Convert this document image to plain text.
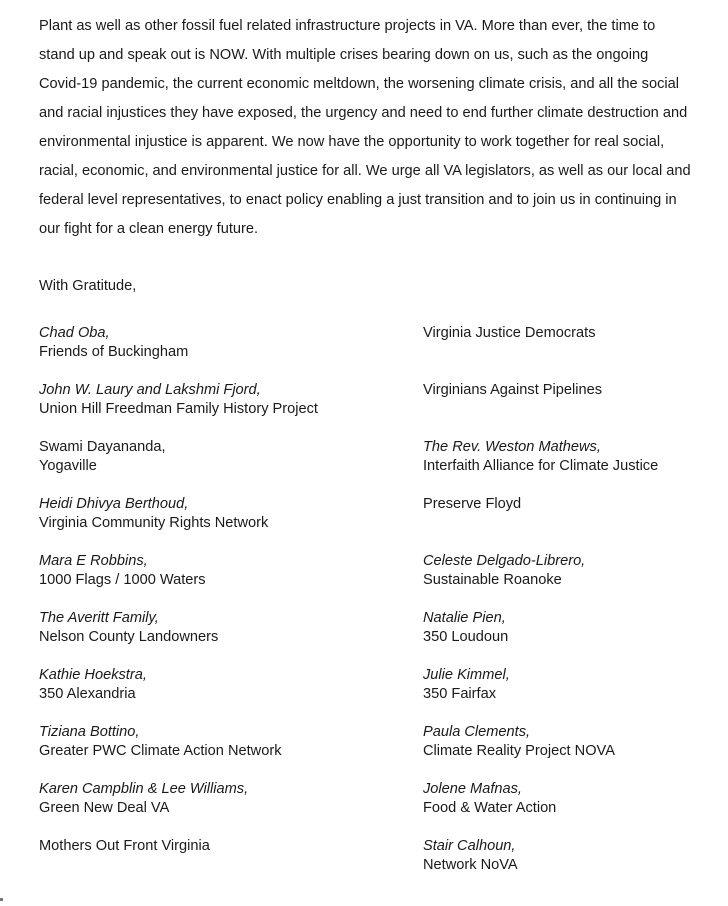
Plant as well as other fossil fuel related infrastructure projects in VA. More than ever, the time to
stand up and speak out is NOW. With multiple crises bearing down on us, such as the ongoing
Covid-19 pandemic, the current economic meltdown, the worsening climate crisis, and all the social
and racial injustices they have exposed, the urgency and need to end further climate destruction and
environmental injustice is apparent. We now have the opportunity to work together for real social,
racial, economic, and environmental justice for all. We urge all VA legislators, as well as our local and
federal level representatives, to enact policy enabling a just transition and to join us in continuing in
our fight for a clean energy future.

With Gratitude,

Chad Oba,
Friends of Buckingham
Virginia Justice Democrats
John W. Laury and Lakshmi Fjord,
Union Hill Freedman Family History Project
Virginians Against Pipelines
Swami Dayananda,
Yogaville
The Rev. Weston Mathews,
Interfaith Alliance for Climate Justice
Heidi Dhivya Berthoud,
Virginia Community Rights Network
Preserve Floyd
Mara E Robbins,
1000 Flags / 1000 Waters
Celeste Delgado-Librero,
Sustainable Roanoke
The Averitt Family,
Nelson County Landowners
Natalie Pien,
350 Loudoun
Kathie Hoekstra,
350 Alexandria
Julie Kimmel,
350 Fairfax
Tiziana Bottino,
Greater PWC Climate Action Network
Paula Clements,
Climate Reality Project NOVA
Karen Campblin & Lee Williams,
Green New Deal VA
Jolene Mafnas,
Food & Water Action
Mothers Out Front Virginia	Stair Calhoun,
Network NoVA
